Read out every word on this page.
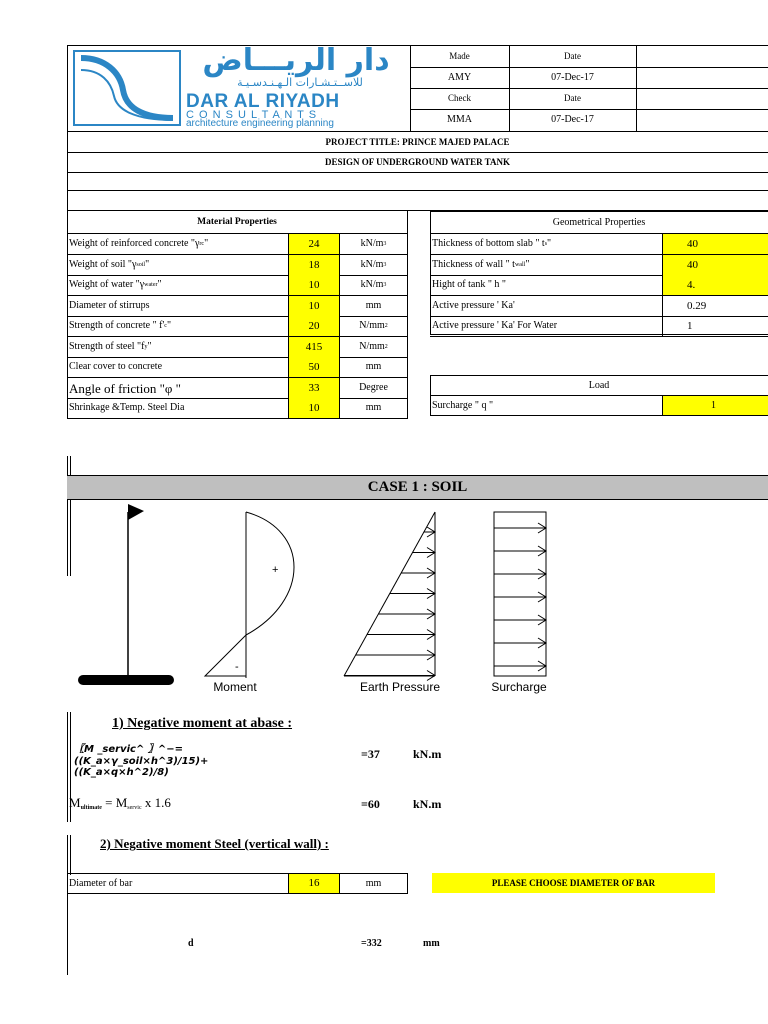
دار الريـــاض
للاســتـشـارات الـهـنـدسـيـة
DAR AL RIYADH
C O N S U L T A N T S
architecture engineering planning
Made	Date
AMY	07-Dec-17
Check	Date
MMA	07-Dec-17
PROJECT TITLE: PRINCE MAJED PALACE
DESIGN OF UNDERGROUND WATER TANK
Material Properties
Weight of reinforced concrete "γ rc "	24	kN/m 3
Weight of soil "γ soil "	18	kN/m 3
Weight of water "γ water "	10	kN/m 3
Diameter of stirrups	10	mm
Strength of concrete " f' c "	20	N/mm 2
Strength of steel "f y "	415	N/mm 2
Clear cover to concrete	50	mm
Angle of friction "φ "	33	Degree
Shrinkage &Temp. Steel Dia	10	mm
Geometrical Properties
Thickness of bottom slab " t s "	40
Thickness of wall " t wall "	40
Hight of tank " h "	4.
Active pressure ' Ka'	0.29
Active pressure ' Ka' For Water	1
Load
Surcharge " q "	1
CASE 1 : SOIL
+
-
Moment	Earth Pressure	Surcharge
1) Negative moment at abase :
〖M _servic^ 〗^−=((K_a×γ_soil×h^3)/15)+((K_a×q×h^2)/8)
=37	kN.m
$M_{ultimate} = M_{servic}$ x 1.6	=60	kN.m
2) Negative moment Steel (vertical wall) :
Diameter of bar	16	mm	PLEASE CHOOSE DIAMETER OF BAR
d	=332	mm
